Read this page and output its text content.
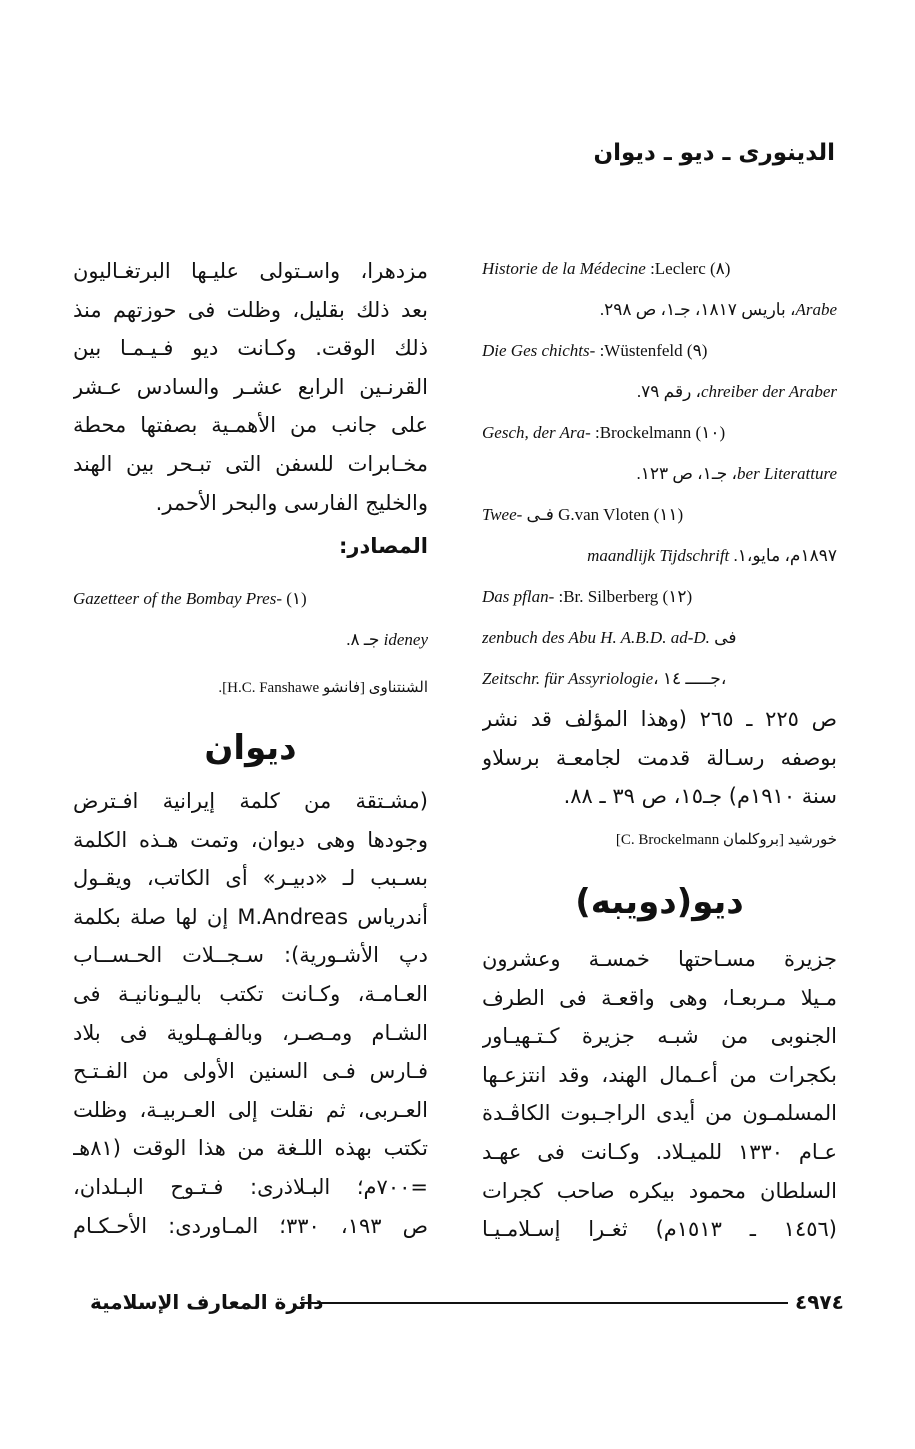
الدينورى ـ ديو ـ ديوان
Historie de la Médecine :Leclerc (٨)
Arabe، باريس ١٨١٧، جـ١، ص ٢٩٨.
Die Ges chichts- :Wüstenfeld (٩)
chreiber der Araber، رقم ٧٩.
Gesch, der Ara- :Brockelmann (١٠)
ber Literatture، جـ١، ص ١٢٣.
Twee- فـى G.van Vloten (١١)
١٨٩٧م، مايو،١. maandlijk Tijdschrift
Das pflan- :Br. Silberberg (١٢)
zenbuch des Abu H. A.B.D. ad-D. فى
Zeitschr. für Assyriologie، جـــــ ١٤،
ص ٢٢٥ ـ ٢٦٥ (وهذا المؤلف قد نشر
بوصفه رسـالة قدمت لجامعـة برسلاو
سنة ١٩١٠م) جـ١٥، ص ٣٩ ـ ٨٨.
خورشيد [بروكلمان C. Brockelmann]
ديو(دويبه)
جزيرة مسـاحتها خمسـة وعشرون
مـيلا مـربعـا، وهى واقعـة فى الطرف
الجنوبى من شبـه جزيرة كـتـهيـاور
بكجرات من أعـمال الهند، وقد انتزعـها
المسلمـون من أيدى الراجـبوت الكاڤـدة
عـام ١٣٣٠ للميـلاد. وكـانت فى عهـد
السلطان محمود بيكره صاحب كجرات
(١٤٥٦ ـ ١٥١٣م) ثغـرا إسـلامـيـا
مزدهرا، واسـتولى عليـها البرتغـاليون
بعد ذلك بقليل، وظلت فى حوزتهم منذ
ذلك الوقت. وكـانت ديو فـيـمـا بين
القرنـين الرابع عشـر والسادس عـشر
على جانب من الأهمـية بصفتها محطة
مخـابرات للسفن التى تبـحر بين الهند
والخليج الفارسى والبحر الأحمر.
المصادر:
Gazetteer of the Bombay Pres- (١)
ideney جـ ٨.
الشنتناوى [فانشو H.C. Fanshawe].
ديوان
(مشـتقة من كلمة إيرانية افـترض
وجودها وهى ديوان، وتمت هـذه الكلمة
بسـبب لـ «دبيـر» أى الكاتب، ويقـول
أندرياس M.Andreas إن لها صلة بكلمة
دپ الأشـورية): سـجــلات الحـســاب
العـامـة، وكـانت تكتب باليـونانيـة فى
الشـام ومـصـر، وبالفـهـلوية فى بلاد
فـارس فـى السنين الأولى من الفـتـح
العـربى، ثم نقلت إلى العـربيـة، وظلت
تكتب بهذه اللـغة من هذا الوقت (٨١هـ
=٧٠٠م؛ البـلاذرى: فـتـوح البـلدان،
ص ١٩٣، ٣٣٠؛ المـاوردى: الأحـكـام
٤٩٧٤
دائرة المعارف الإسلامية
